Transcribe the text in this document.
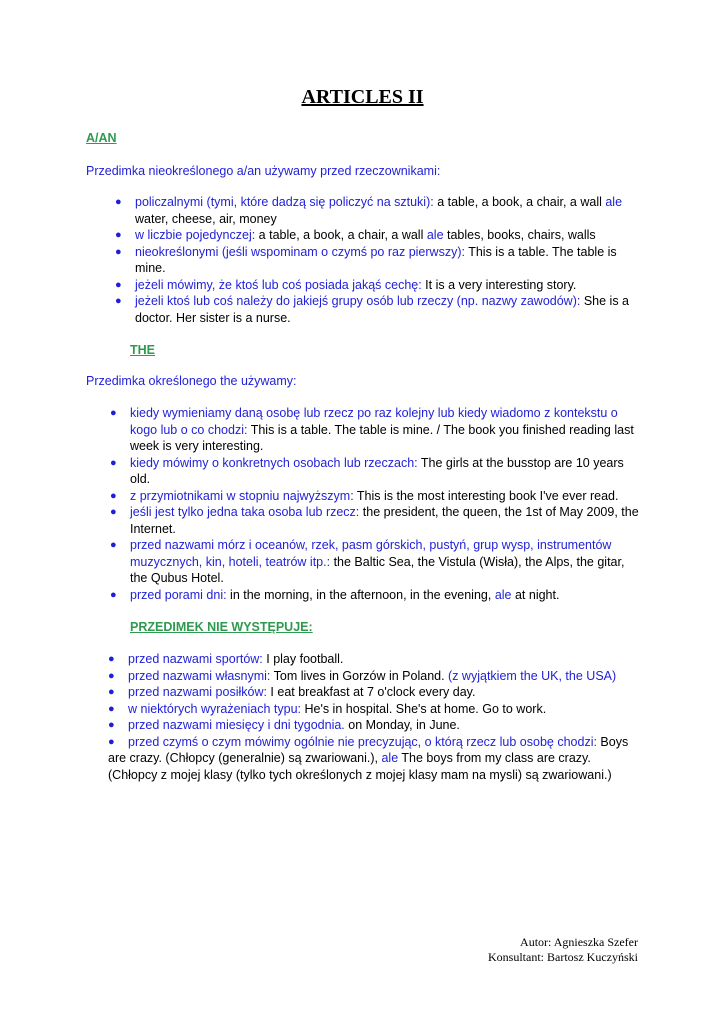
ARTICLES II
A/AN
Przedimka nieokreślonego a/an używamy przed rzeczownikami:
● policzalnymi (tymi, które dadzą się policzyć na sztuki): a table, a book, a chair, a wall ale water, cheese, air, money
● w liczbie pojedynczej: a table, a book, a chair, a wall ale tables, books, chairs, walls
● nieokreślonymi (jeśli wspominam o czymś po raz pierwszy): This is a table. The table is mine.
● jeżeli mówimy, że ktoś lub coś posiada jakąś cechę: It is a very interesting story.
● jeżeli ktoś lub coś należy do jakiejś grupy osób lub rzeczy (np. nazwy zawodów): She is a doctor. Her sister is a nurse.
THE
Przedimka określonego the używamy:
● kiedy wymieniamy daną osobę lub rzecz po raz kolejny lub kiedy wiadomo z kontekstu o kogo lub o co chodzi: This is a table. The table is mine. / The book you finished reading last week is very interesting.
● kiedy mówimy o konkretnych osobach lub rzeczach: The girls at the busstop are 10 years old.
● z przymiotnikami w stopniu najwyższym: This is the most interesting book I've ever read.
● jeśli jest tylko jedna taka osoba lub rzecz: the president, the queen, the 1st of May 2009, the Internet.
● przed nazwami mórz i oceanów, rzek, pasm górskich, pustyń, grup wysp, instrumentów muzycznych, kin, hoteli, teatrów itp.: the Baltic Sea, the Vistula (Wisła), the Alps, the gitar, the Qubus Hotel.
● przed porami dni: in the morning, in the afternoon, in the evening, ale at night.
PRZEDIMEK NIE WYSTĘPUJE:
● przed nazwami sportów: I play football.
● przed nazwami własnymi: Tom lives in Gorzów in Poland. (z wyjątkiem the UK, the USA)
● przed nazwami posiłków: I eat breakfast at 7 o'clock every day.
● w niektórych wyrażeniach typu: He's in hospital. She's at home. Go to work.
● przed nazwami miesięcy i dni tygodnia. on Monday, in June.
● przed czymś o czym mówimy ogólnie nie precyzując, o którą rzecz lub osobę chodzi: Boys are crazy. (Chłopcy (generalnie) są zwariowani.), ale The boys from my class are crazy. (Chłopcy z mojej klasy (tylko tych określonych z mojej klasy mam na mysli) są zwariowani.)
Autor: Agnieszka Szefer
Konsultant: Bartosz Kuczyński
